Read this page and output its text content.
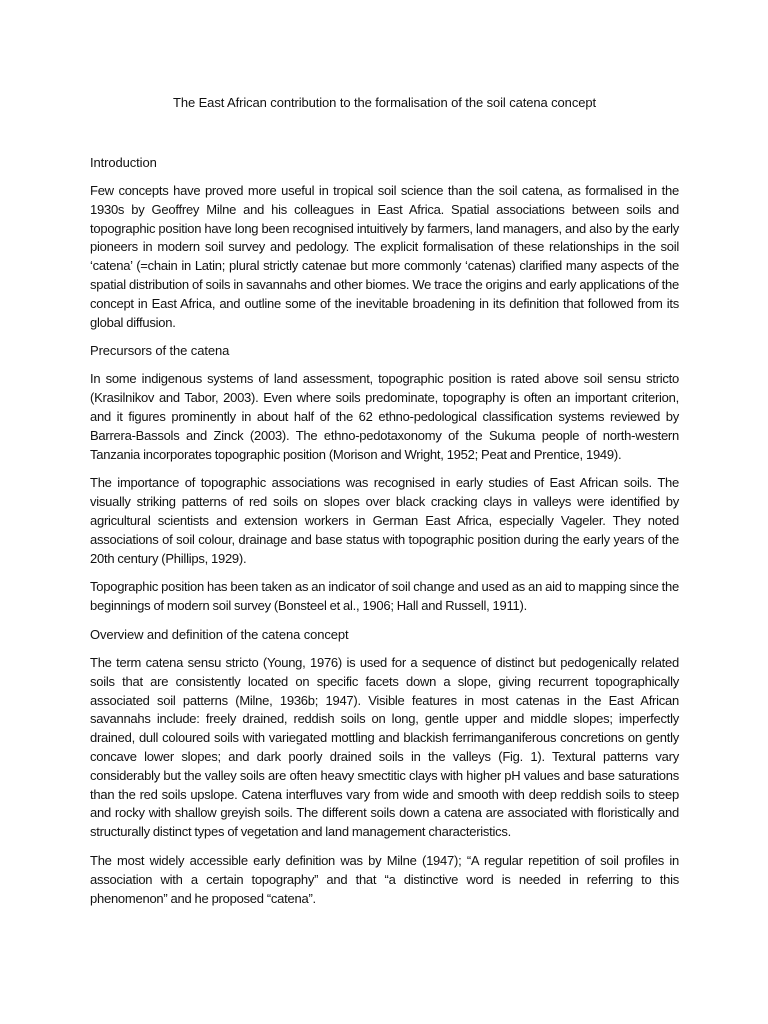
The East African contribution to the formalisation of the soil catena concept
Introduction

Few concepts have proved more useful in tropical soil science than the soil catena, as formalised in the 1930s by Geoffrey Milne and his colleagues in East Africa. Spatial associations between soils and topographic position have long been recognised intuitively by farmers, land managers, and also by the early pioneers in modern soil survey and pedology. The explicit formalisation of these relationships in the soil ‘catena’ (=chain in Latin; plural strictly catenae but more commonly ‘catenas) clarified many aspects of the spatial distribution of soils in savannahs and other biomes. We trace the origins and early applications of the concept in East Africa, and outline some of the inevitable broadening in its definition that followed from its global diffusion.

Precursors of the catena

In some indigenous systems of land assessment, topographic position is rated above soil sensu stricto (Krasilnikov and Tabor, 2003). Even where soils predominate, topography is often an important criterion, and it figures prominently in about half of the 62 ethno-pedological classification systems reviewed by Barrera-Bassols and Zinck (2003). The ethno-pedotaxonomy of the Sukuma people of north-western Tanzania incorporates topographic position (Morison and Wright, 1952; Peat and Prentice, 1949).

The importance of topographic associations was recognised in early studies of East African soils. The visually striking patterns of red soils on slopes over black cracking clays in valleys were identified by agricultural scientists and extension workers in German East Africa, especially Vageler. They noted associations of soil colour, drainage and base status with topographic position during the early years of the 20th century (Phillips, 1929).

Topographic position has been taken as an indicator of soil change and used as an aid to mapping since the beginnings of modern soil survey (Bonsteel et al., 1906; Hall and Russell, 1911).

Overview and definition of the catena concept

The term catena sensu stricto (Young, 1976) is used for a sequence of distinct but pedogenically related soils that are consistently located on specific facets down a slope, giving recurrent topographically associated soil patterns (Milne, 1936b; 1947). Visible features in most catenas in the East African savannahs include: freely drained, reddish soils on long, gentle upper and middle slopes; imperfectly drained, dull coloured soils with variegated mottling and blackish ferrimanganiferous concretions on gently concave lower slopes; and dark poorly drained soils in the valleys (Fig. 1). Textural patterns vary considerably but the valley soils are often heavy smectitic clays with higher pH values and base saturations than the red soils upslope. Catena interfluves vary from wide and smooth with deep reddish soils to steep and rocky with shallow greyish soils. The different soils down a catena are associated with floristically and structurally distinct types of vegetation and land management characteristics.

The most widely accessible early definition was by Milne (1947); “A regular repetition of soil profiles in association with a certain topography” and that “a distinctive word is needed in referring to this phenomenon” and he proposed “catena”.
